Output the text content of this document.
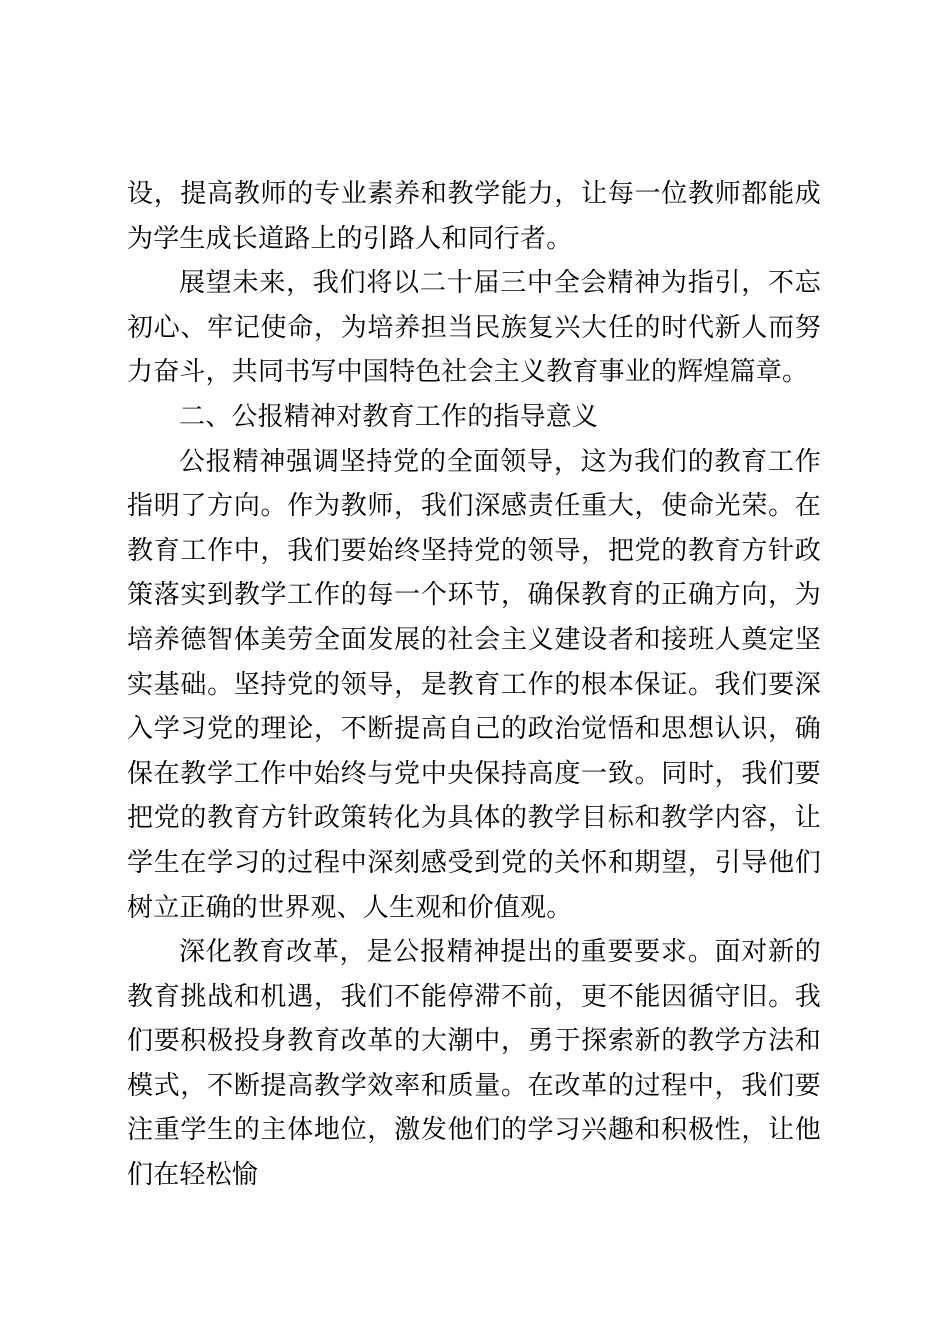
设，提高教师的专业素养和教学能力，让每一位教师都能成为学生成长道路上的引路人和同行者。

展望未来，我们将以二十届三中全会精神为指引，不忘初心、牢记使命，为培养担当民族复兴大任的时代新人而努力奋斗，共同书写中国特色社会主义教育事业的辉煌篇章。

二、公报精神对教育工作的指导意义

公报精神强调坚持党的全面领导，这为我们的教育工作指明了方向。作为教师，我们深感责任重大，使命光荣。在教育工作中，我们要始终坚持党的领导，把党的教育方针政策落实到教学工作的每一个环节，确保教育的正确方向，为培养德智体美劳全面发展的社会主义建设者和接班人奠定坚实基础。坚持党的领导，是教育工作的根本保证。我们要深入学习党的理论，不断提高自己的政治觉悟和思想认识，确保在教学工作中始终与党中央保持高度一致。同时，我们要把党的教育方针政策转化为具体的教学目标和教学内容，让学生在学习的过程中深刻感受到党的关怀和期望，引导他们树立正确的世界观、人生观和价值观。

深化教育改革，是公报精神提出的重要要求。面对新的教育挑战和机遇，我们不能停滞不前，更不能因循守旧。我们要积极投身教育改革的大潮中，勇于探索新的教学方法和模式，不断提高教学效率和质量。在改革的过程中，我们要注重学生的主体地位，激发他们的学习兴趣和积极性，让他们在轻松愉
